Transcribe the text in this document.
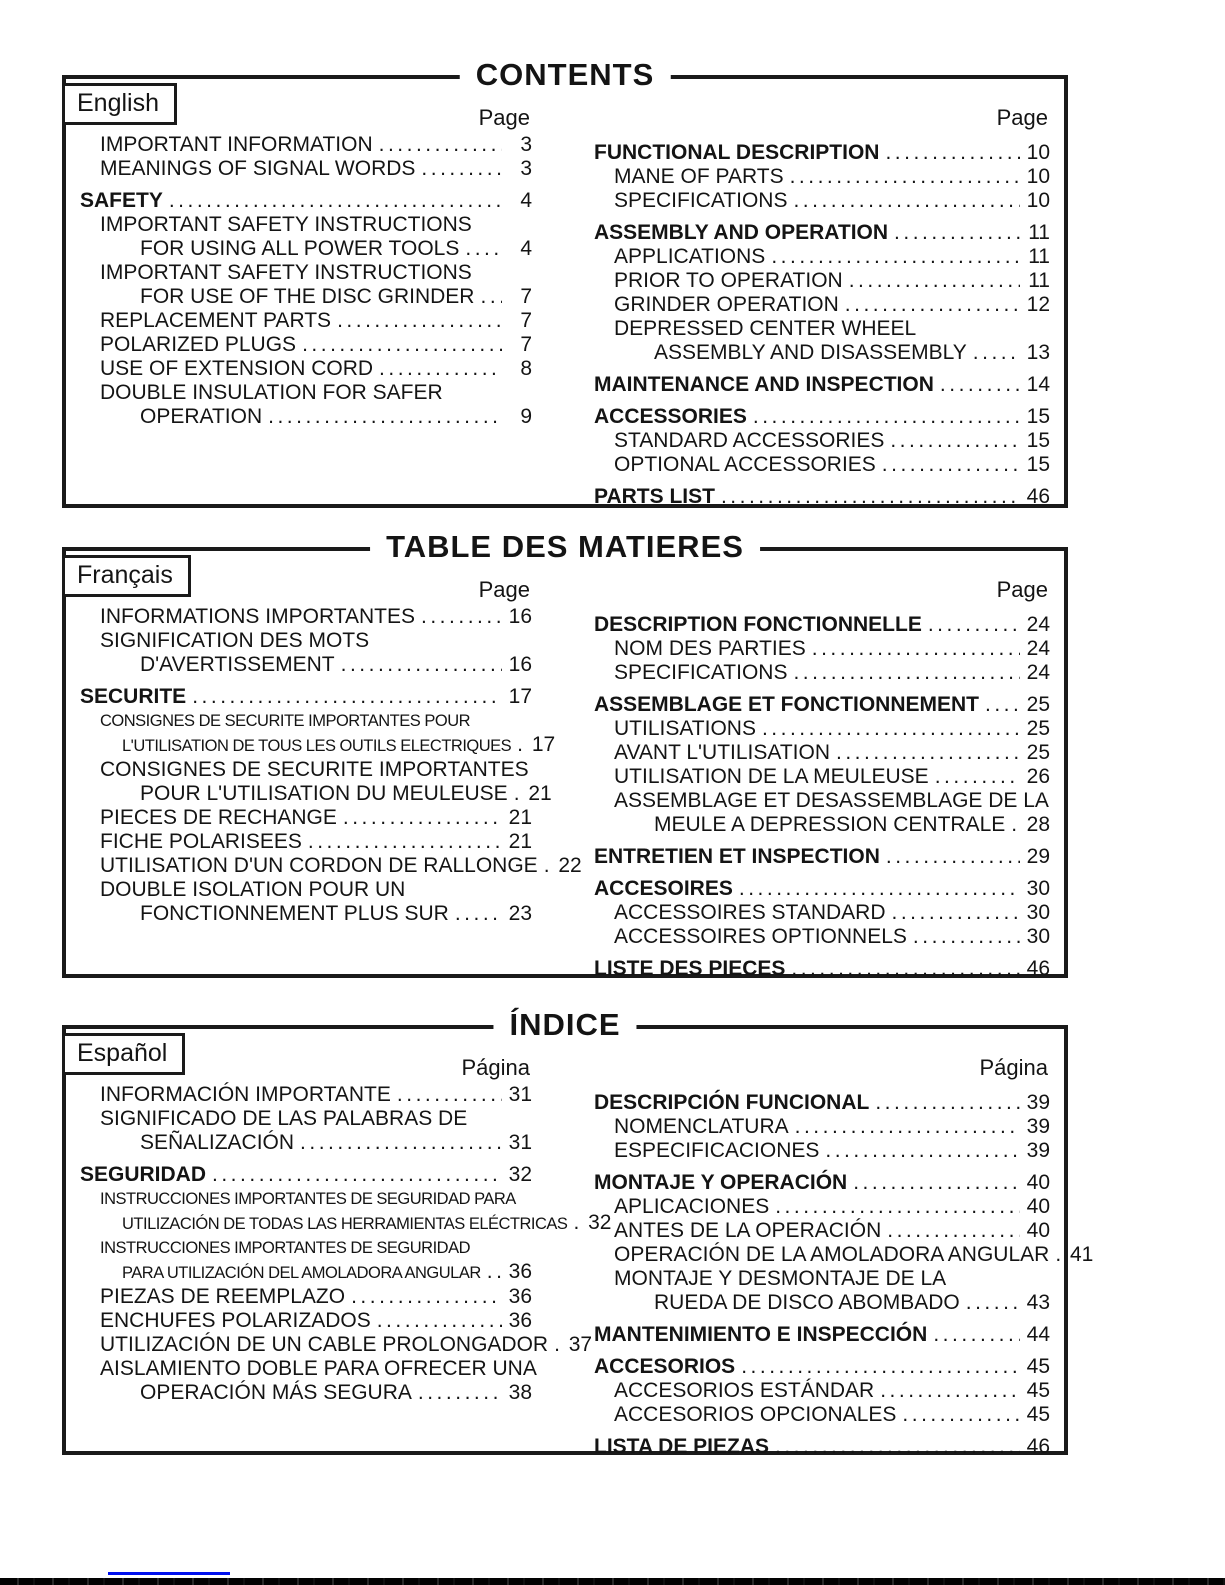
CONTENTS
English
Page
IMPORTANT INFORMATION .....	3
MEANINGS OF SIGNAL WORDS .....	3
SAFETY .....	4
IMPORTANT SAFETY INSTRUCTIONS
FOR USING ALL POWER TOOLS .....	4
IMPORTANT SAFETY INSTRUCTIONS
FOR USE OF THE DISC GRINDER .....	7
REPLACEMENT PARTS .....	7
POLARIZED PLUGS .....	7
USE OF EXTENSION CORD .....	8
DOUBLE INSULATION FOR SAFER
OPERATION .....	9
Page
FUNCTIONAL DESCRIPTION .....	10
MANE OF PARTS .....	10
SPECIFICATIONS .....	10
ASSEMBLY AND OPERATION .....	11
APPLICATIONS .....	11
PRIOR TO OPERATION .....	11
GRINDER OPERATION .....	12
DEPRESSED CENTER WHEEL
ASSEMBLY AND DISASSEMBLY .....	13
MAINTENANCE AND INSPECTION .....	14
ACCESSORIES .....	15
STANDARD ACCESSORIES .....	15
OPTIONAL ACCESSORIES .....	15
PARTS LIST .....	46
TABLE DES MATIERES
Français
Page
INFORMATIONS IMPORTANTES .....	16
SIGNIFICATION DES MOTS
D'AVERTISSEMENT .....	16
SECURITE .....	17
CONSIGNES DE SECURITE IMPORTANTES POUR
L'UTILISATION DE TOUS LES OUTILS ELECTRIQUES ..... 17
CONSIGNES DE SECURITE IMPORTANTES
POUR L'UTILISATION DU MEULEUSE ..... 21
PIECES DE RECHANGE .....	21
FICHE POLARISEES .....	21
UTILISATION D'UN CORDON DE RALLONGE ..... 22
DOUBLE ISOLATION POUR UN
FONCTIONNEMENT PLUS SUR .....	23
Page
DESCRIPTION FONCTIONNELLE .....	24
NOM DES PARTIES .....	24
SPECIFICATIONS .....	24
ASSEMBLAGE ET FONCTIONNEMENT ..... 25
UTILISATIONS .....	25
AVANT L'UTILISATION .....	25
UTILISATION DE LA MEULEUSE .....	26
ASSEMBLAGE ET DESASSEMBLAGE DE LA
MEULE A DEPRESSION CENTRALE ..... 28
ENTRETIEN ET INSPECTION .....	29
ACCESOIRES .....	30
ACCESSOIRES STANDARD .....	30
ACCESSOIRES OPTIONNELS .....	30
LISTE DES PIECES .....	46
ÍNDICE
Español
Página
INFORMACIÓN IMPORTANTE .....	31
SIGNIFICADO DE LAS PALABRAS DE
SEÑALIZACIÓN .....	31
SEGURIDAD .....	32
INSTRUCCIONES IMPORTANTES DE SEGURIDAD PARA
UTILIZACIÓN DE TODAS LAS HERRAMIENTAS ELÉCTRICAS ..... 32
INSTRUCCIONES IMPORTANTES DE SEGURIDAD
PARA UTILIZACIÓN DEL AMOLADORA ANGULAR ..... 36
PIEZAS DE REEMPLAZO .....	36
ENCHUFES POLARIZADOS .....	36
UTILIZACIÓN DE UN CABLE PROLONGADOR ..... 37
AISLAMIENTO DOBLE PARA OFRECER UNA
OPERACIÓN MÁS SEGURA .....	38
Página
DESCRIPCIÓN FUNCIONAL .....	39
NOMENCLATURA .....	39
ESPECIFICACIONES .....	39
MONTAJE Y OPERACIÓN .....	40
APLICACIONES .....	40
ANTES DE LA OPERACIÓN .....	40
OPERACIÓN DE LA AMOLADORA ANGULAR ..... 41
MONTAJE Y DESMONTAJE DE LA
RUEDA DE DISCO ABOMBADO .....	43
MANTENIMIENTO E INSPECCIÓN .....	44
ACCESORIOS .....	45
ACCESORIOS ESTÁNDAR .....	45
ACCESORIOS OPCIONALES .....	45
LISTA DE PIEZAS .....	46
